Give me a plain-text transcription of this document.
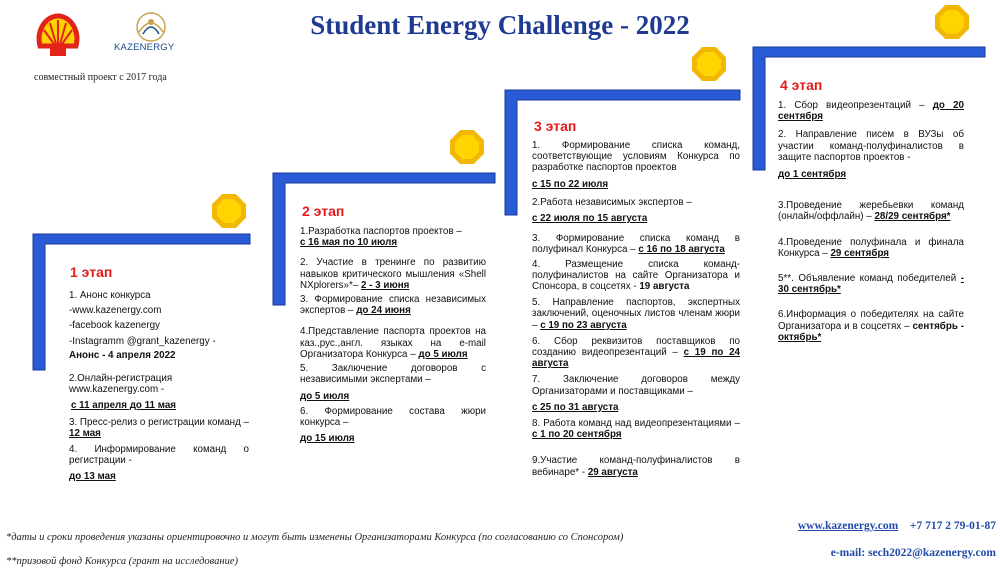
KAZENERGY
совместный проект с 2017 года
Student Energy Challenge - 2022
1 этап

1. Анонс конкурса

-www.kazenergy.com

-facebook kazenergy

-Instagramm @grant_kazenergy -

Анонс - 4 апреля 2022

2.Онлайн-регистрация www.kazenergy.com -

с 11 апреля до 11 мая

3. Пресс-релиз о регистрации команд – 12 мая

4. Информирование команд о регистрации -

до 13 мая

2 этап

1.Разработка паспортов проектов –

с 16 мая по 10 июля

2. Участие в тренинге по развитию навыков критического мышления «Shell NXplorers»*– 2 - 3 июня

3. Формирование списка независимых экспертов – до 24 июня

4.Представление паспорта проектов на каз.,рус.,англ. языках на e-mail Организатора Конкурса – до 5 июля

5. Заключение договоров с независимыми экспертами –

до 5 июля

6. Формирование состава жюри конкурса –

до 15 июля

3 этап

1. Формирование списка команд, соответствующие условиям Конкурса по разработке паспортов проектов

с 15 по 22 июля

2.Работа независимых экспертов –

с 22 июля по 15 августа

3. Формирование списка команд в полуфинал Конкурса – с 16 по 18 августа

4. Размещение списка команд-полуфиналистов на сайте Организатора и Спонсора, в соцсетях - 19 августа

5. Направление паспортов, экспертных заключений, оценочных листов членам жюри – с 19 по 23 августа

6. Сбор реквизитов поставщиков по созданию видеопрезентаций – с 19 по 24 августа

7. Заключение договоров между Организаторами и поставщиками –

с 25 по 31 августа

8. Работа команд над видеопрезентациями – с 1 по 20 сентября

9.Участие команд-полуфиналистов в вебинаре* - 29 августа

4 этап

1. Сбор видеопрезентаций – до 20 сентября

2. Направление писем в ВУЗы об участии команд-полуфиналистов в защите паспортов проектов -

до 1 сентября

3.Проведение жеребьевки команд (онлайн/оффлайн) – 28/29 сентября*

4.Проведение полуфинала и финала Конкурса – 29 сентября

5**. Объявление команд победителей - 30 сентябрь*

6.Информация о победителях на сайте Организатора и в соцсетях – сентябрь - октябрь*

*даты и сроки проведения указаны ориентировочно и могут быть изменены Организаторами Конкурса (по согласованию со Спонсором)
**призовой фонд Конкурса (грант на исследование)
www.kazenergy.com +7 717 2 79-01-87
e-mail: sech2022@kazenergy.com
